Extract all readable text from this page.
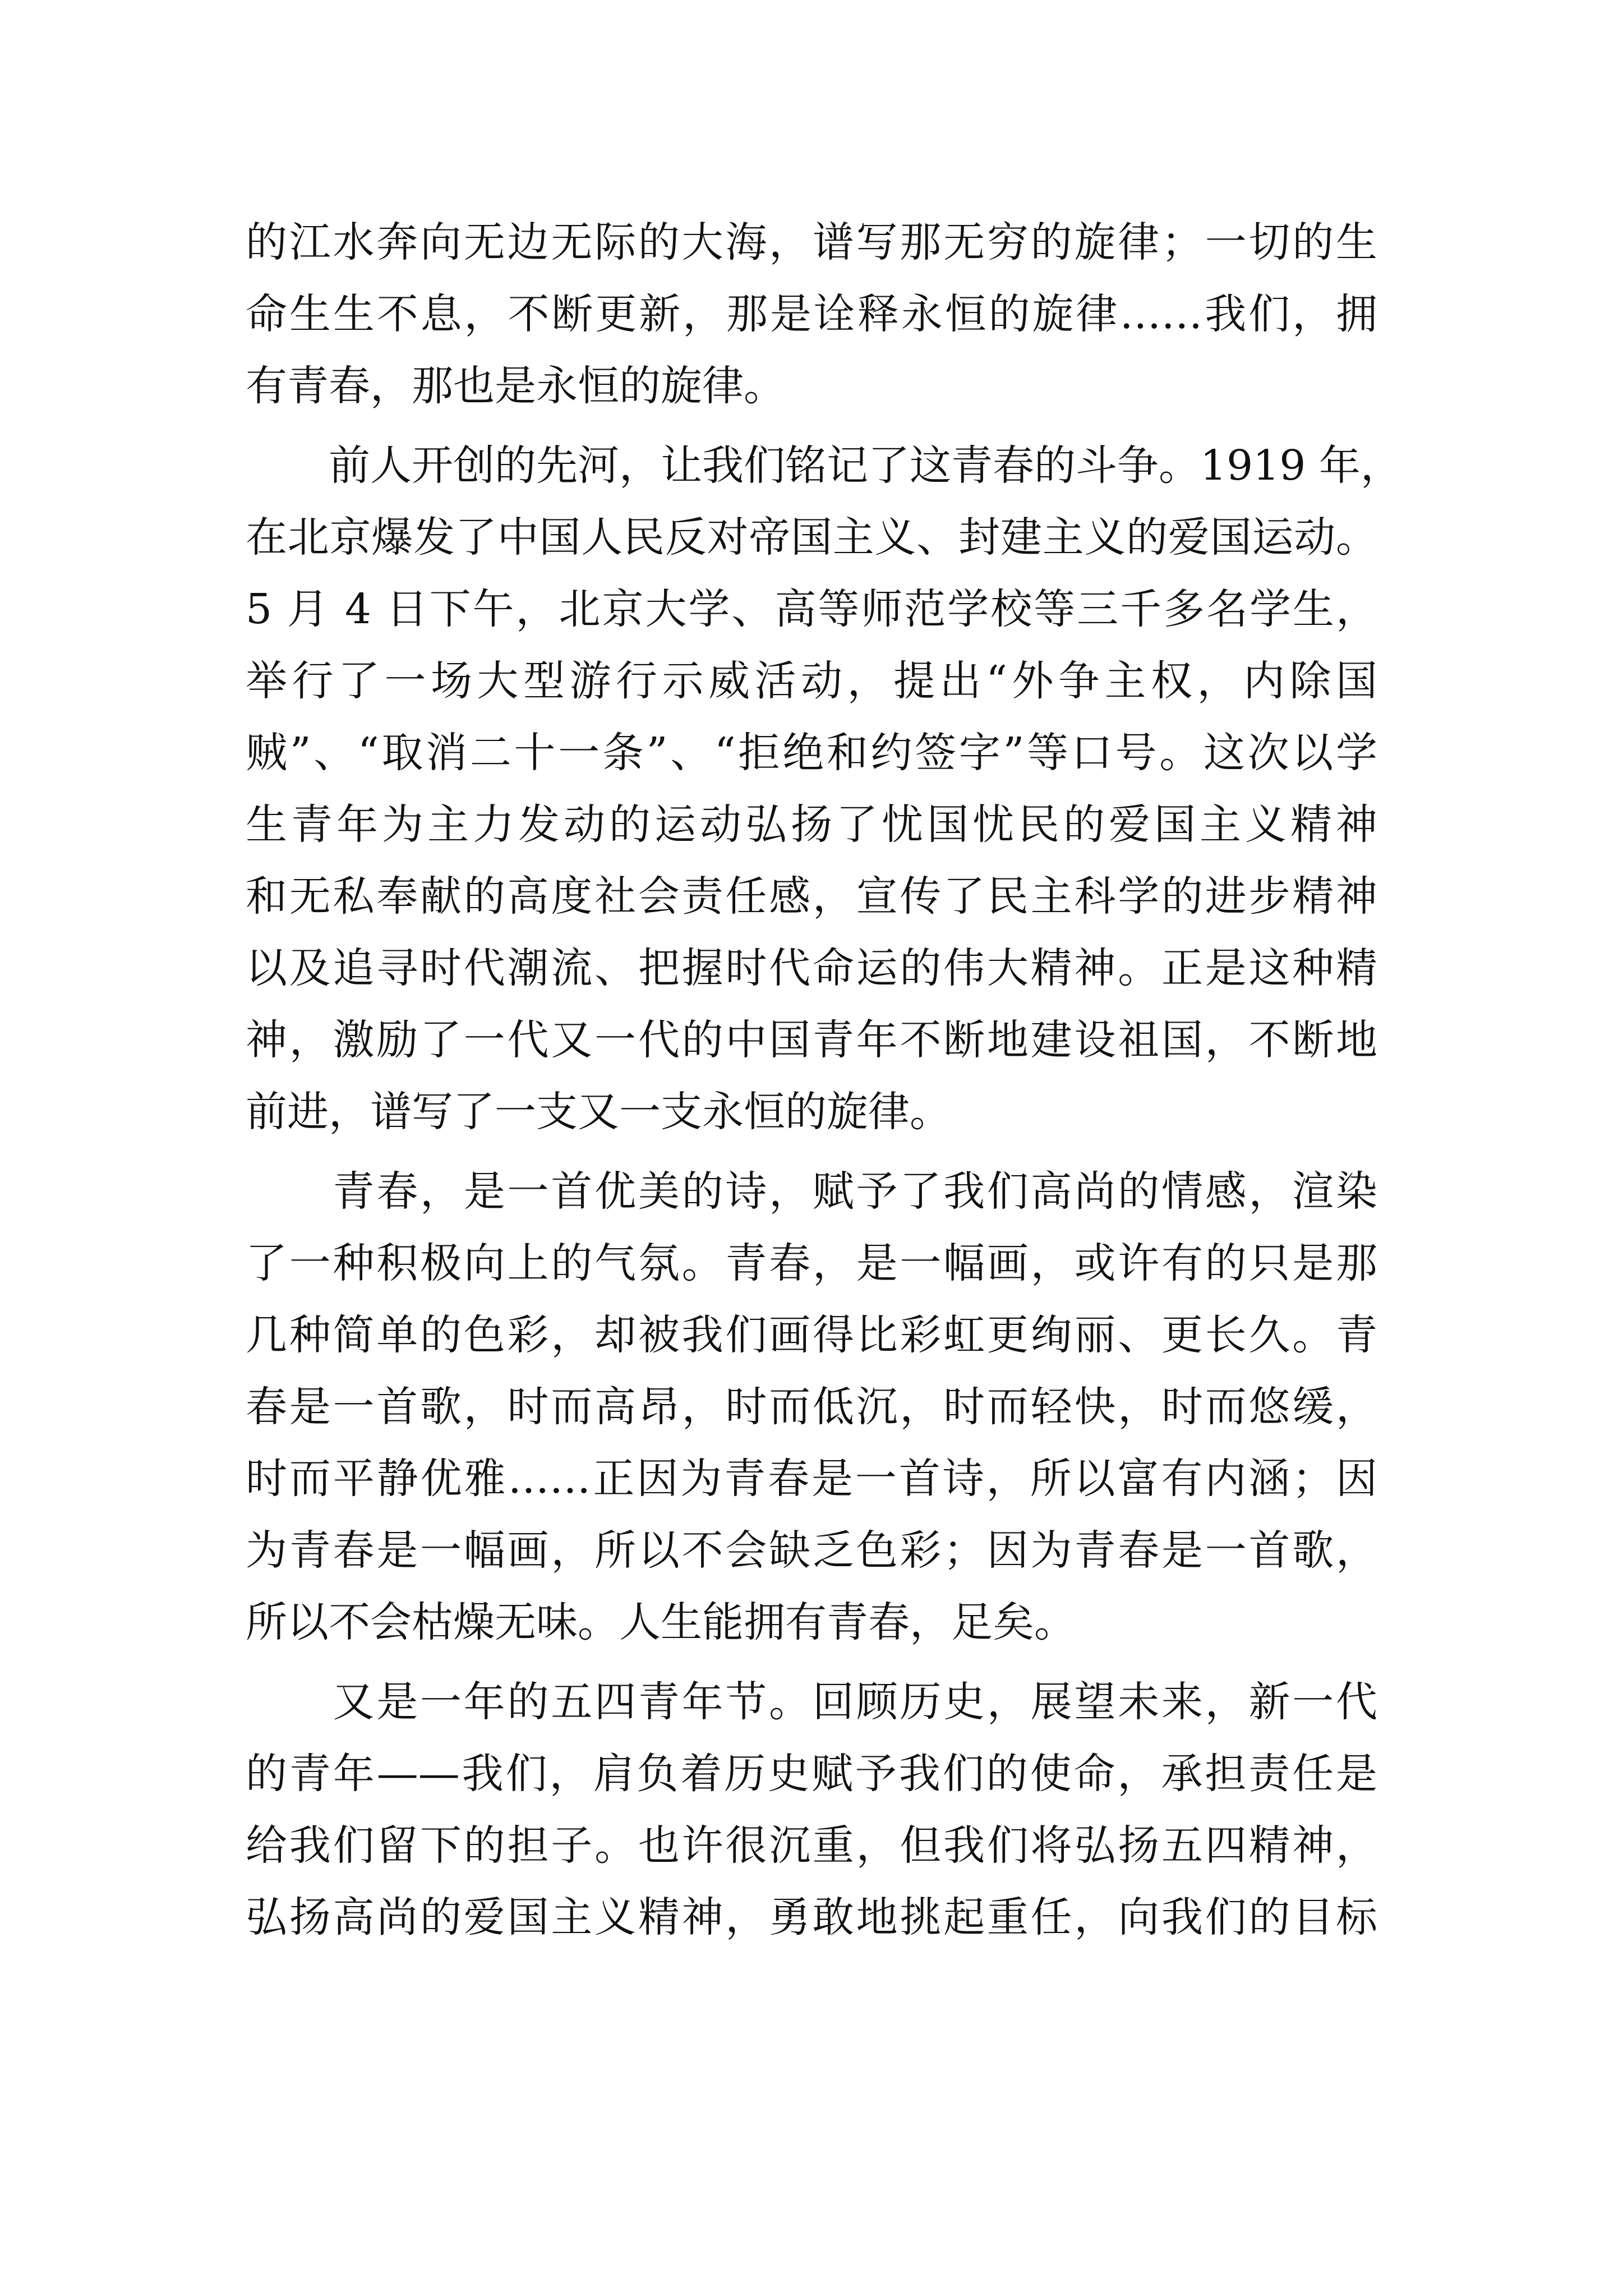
的江水奔向无边无际的大海，谱写那无穷的旋律；一切的生
命生生不息，不断更新，那是诠释永恒的旋律……我们，拥
有青春，那也是永恒的旋律。
　　前人开创的先河，让我们铭记了这青春的斗争。1919 年，
在北京爆发了中国人民反对帝国主义、封建主义的爱国运动。
5 月 4 日下午，北京大学、高等师范学校等三千多名学生，
举行了一场大型游行示威活动，提出“外争主权，内除国
贼”、“取消二十一条”、“拒绝和约签字”等口号。这次以学
生青年为主力发动的运动弘扬了忧国忧民的爱国主义精神
和无私奉献的高度社会责任感，宣传了民主科学的进步精神
以及追寻时代潮流、把握时代命运的伟大精神。正是这种精
神，激励了一代又一代的中国青年不断地建设祖国，不断地
前进，谱写了一支又一支永恒的旋律。
　　青春，是一首优美的诗，赋予了我们高尚的情感，渲染
了一种积极向上的气氛。青春，是一幅画，或许有的只是那
几种简单的色彩，却被我们画得比彩虹更绚丽、更长久。青
春是一首歌，时而高昂，时而低沉，时而轻快，时而悠缓，
时而平静优雅……正因为青春是一首诗，所以富有内涵；因
为青春是一幅画，所以不会缺乏色彩；因为青春是一首歌，
所以不会枯燥无味。人生能拥有青春，足矣。
　　又是一年的五四青年节。回顾历史，展望未来，新一代
的青年——我们，肩负着历史赋予我们的使命，承担责任是
给我们留下的担子。也许很沉重，但我们将弘扬五四精神，
弘扬高尚的爱国主义精神，勇敢地挑起重任，向我们的目标
